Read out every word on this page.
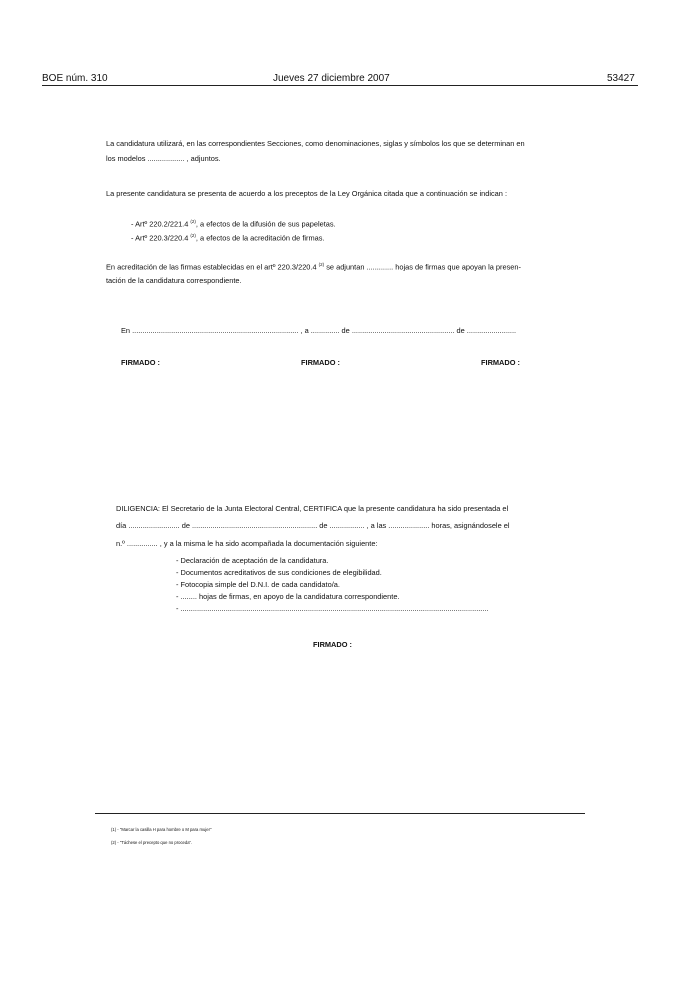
BOE núm. 310	Jueves 27 diciembre 2007	53427
La candidatura utilizará, en las correspondientes Secciones, como denominaciones, siglas y símbolos los que se determinan en
los modelos .................. , adjuntos.
La presente candidatura se presenta de acuerdo a los preceptos de la Ley Orgánica citada que a continuación se indican :
- Artº 220.2/221.4 $^{(2)}$, a efectos de la difusión de sus papeletas.
- Artº 220.3/220.4 $^{(2)}$, a efectos de la acreditación de firmas.
En acreditación de las firmas establecidas en el artº 220.3/220.4 $^{(2)}$ se adjuntan ............. hojas de firmas que apoyan la presen-
tación de la candidatura correspondiente.
En ................................................................................. , a .............. de .................................................. de ........................
FIRMADO :	FIRMADO :	FIRMADO :
DILIGENCIA: El Secretario de la Junta Electoral Central, CERTIFICA que la presente candidatura ha sido presentada el
día ......................... de ............................................................. de ................. , a las .................... horas, asignándosele el
n.º ............... , y a la misma le ha sido acompañada la documentación siguiente:
- Declaración de aceptación de la candidatura.
- Documentos acreditativos de sus condiciones de elegibilidad.
- Fotocopia simple del D.N.I. de cada candidato/a.
- ........ hojas de firmas, en apoyo de la candidatura correspondiente.
- ......................................................................................................................................................
FIRMADO :
(1) - "Marcar la casilla H para hombre o M para mujer"
(2) - "Táchese el precepto que no proceda".
